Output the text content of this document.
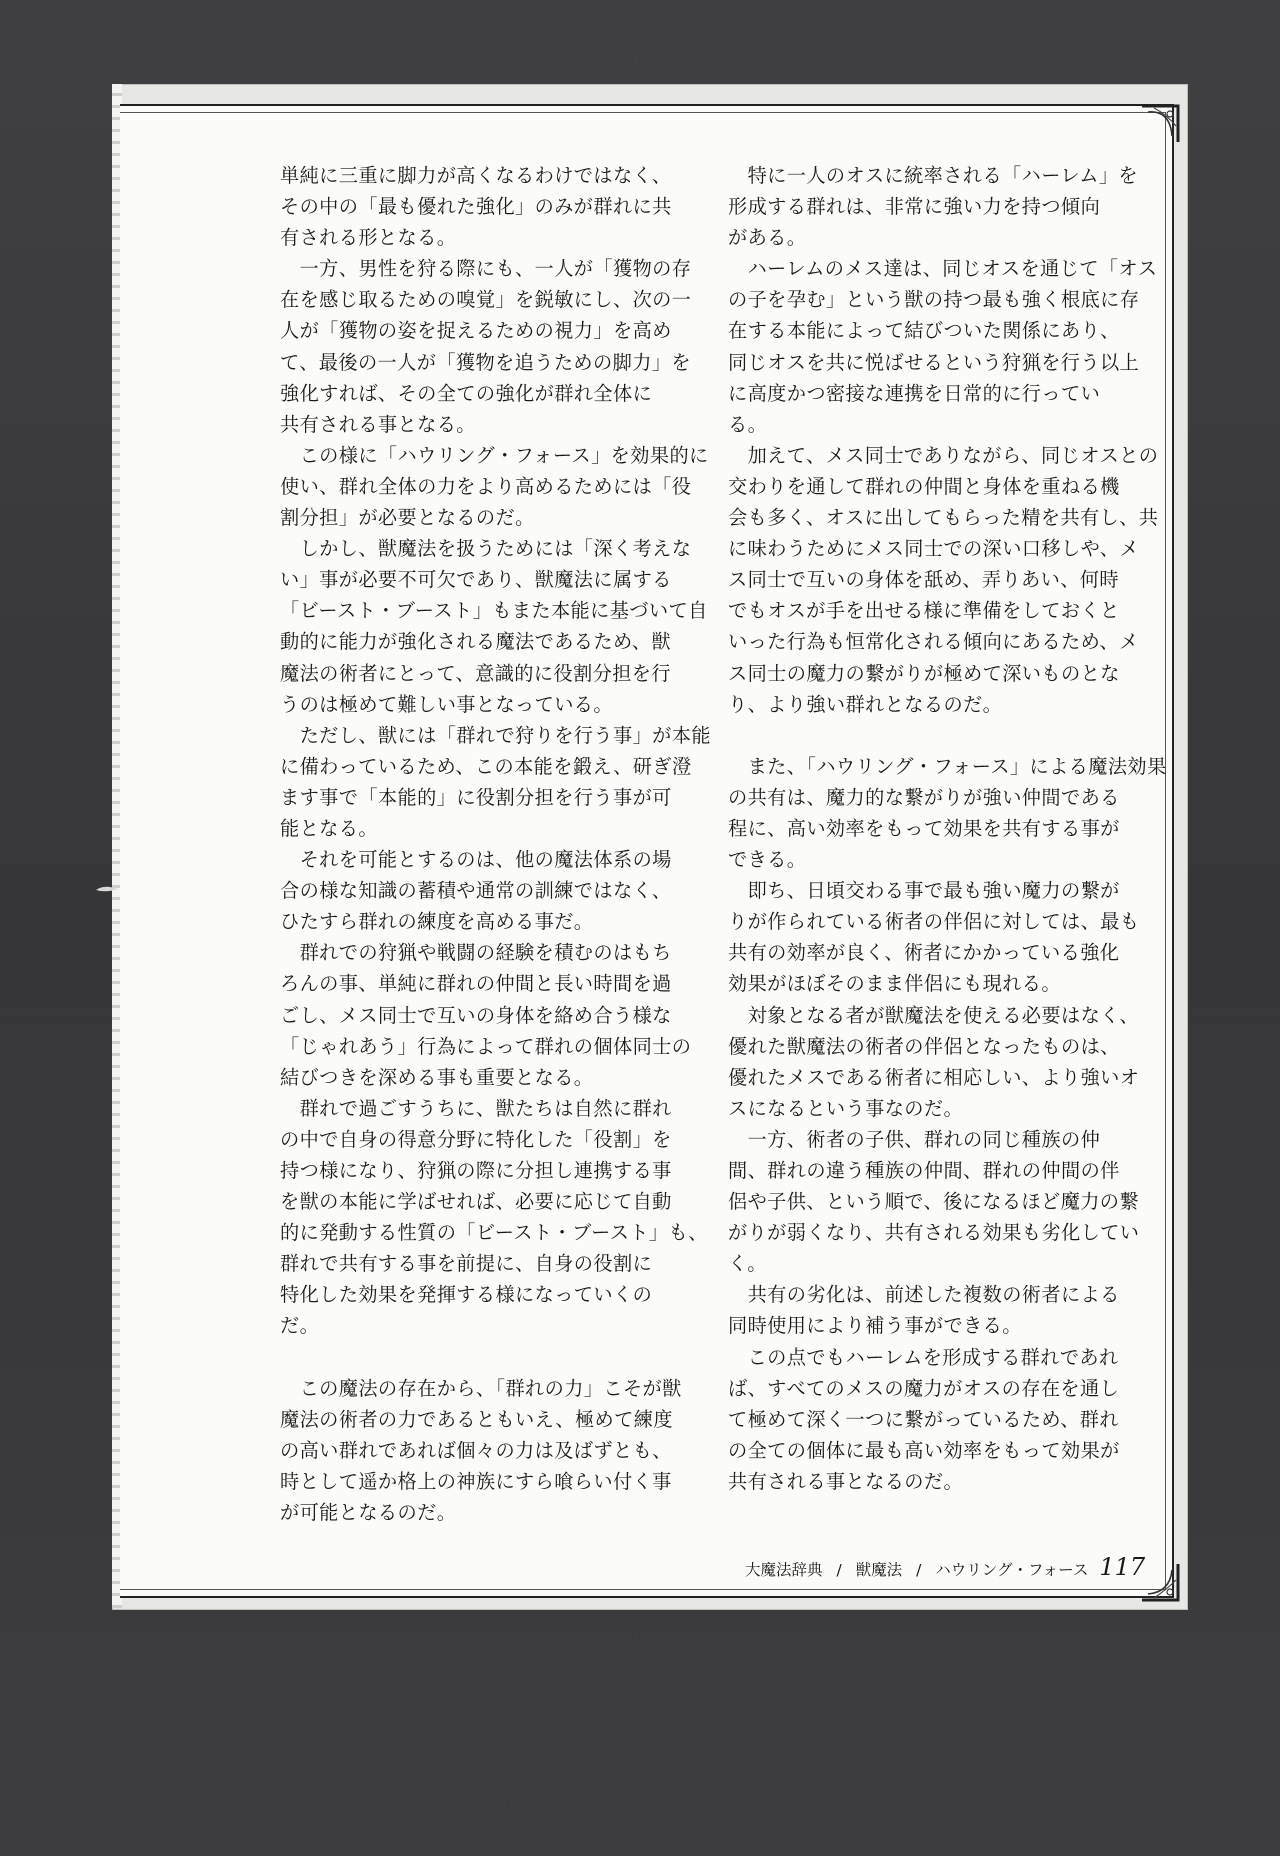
単純に三重に脚力が高くなるわけではなく、
その中の「最も優れた強化」のみが群れに共
有される形となる。
　一方、男性を狩る際にも、一人が「獲物の存
在を感じ取るための嗅覚」を鋭敏にし、次の一
人が「獲物の姿を捉えるための視力」を高め
て、最後の一人が「獲物を追うための脚力」を
強化すれば、その全ての強化が群れ全体に
共有される事となる。
　この様に「ハウリング・フォース」を効果的に
使い、群れ全体の力をより高めるためには「役
割分担」が必要となるのだ。
　しかし、獣魔法を扱うためには「深く考えな
い」事が必要不可欠であり、獣魔法に属する
「ビースト・ブースト」もまた本能に基づいて自
動的に能力が強化される魔法であるため、獣
魔法の術者にとって、意識的に役割分担を行
うのは極めて難しい事となっている。
　ただし、獣には「群れで狩りを行う事」が本能
に備わっているため、この本能を鍛え、研ぎ澄
ます事で「本能的」に役割分担を行う事が可
能となる。
　それを可能とするのは、他の魔法体系の場
合の様な知識の蓄積や通常の訓練ではなく、
ひたすら群れの練度を高める事だ。
　群れでの狩猟や戦闘の経験を積むのはもち
ろんの事、単純に群れの仲間と長い時間を過
ごし、メス同士で互いの身体を絡め合う様な
「じゃれあう」行為によって群れの個体同士の
結びつきを深める事も重要となる。
　群れで過ごすうちに、獣たちは自然に群れ
の中で自身の得意分野に特化した「役割」を
持つ様になり、狩猟の際に分担し連携する事
を獣の本能に学ばせれば、必要に応じて自動
的に発動する性質の「ビースト・ブースト」も、
群れで共有する事を前提に、自身の役割に
特化した効果を発揮する様になっていくの
だ。
　この魔法の存在から、「群れの力」こそが獣
魔法の術者の力であるともいえ、極めて練度
の高い群れであれば個々の力は及ばずとも、
時として遥か格上の神族にすら喰らい付く事
が可能となるのだ。
　特に一人のオスに統率される「ハーレム」を
形成する群れは、非常に強い力を持つ傾向
がある。
　ハーレムのメス達は、同じオスを通じて「オス
の子を孕む」という獣の持つ最も強く根底に存
在する本能によって結びついた関係にあり、
同じオスを共に悦ばせるという狩猟を行う以上
に高度かつ密接な連携を日常的に行ってい
る。
　加えて、メス同士でありながら、同じオスとの
交わりを通して群れの仲間と身体を重ねる機
会も多く、オスに出してもらった精を共有し、共
に味わうためにメス同士での深い口移しや、メ
ス同士で互いの身体を舐め、弄りあい、何時
でもオスが手を出せる様に準備をしておくと
いった行為も恒常化される傾向にあるため、メ
ス同士の魔力の繋がりが極めて深いものとな
り、より強い群れとなるのだ。
　また、「ハウリング・フォース」による魔法効果
の共有は、魔力的な繋がりが強い仲間である
程に、高い効率をもって効果を共有する事が
できる。
　即ち、日頃交わる事で最も強い魔力の繋が
りが作られている術者の伴侶に対しては、最も
共有の効率が良く、術者にかかっている強化
効果がほぼそのまま伴侶にも現れる。
　対象となる者が獣魔法を使える必要はなく、
優れた獣魔法の術者の伴侶となったものは、
優れたメスである術者に相応しい、より強いオ
スになるという事なのだ。
　一方、術者の子供、群れの同じ種族の仲
間、群れの違う種族の仲間、群れの仲間の伴
侶や子供、という順で、後になるほど魔力の繋
がりが弱くなり、共有される効果も劣化してい
く。
　共有の劣化は、前述した複数の術者による
同時使用により補う事ができる。
　この点でもハーレムを形成する群れであれ
ば、すべてのメスの魔力がオスの存在を通し
て極めて深く一つに繋がっているため、群れ
の全ての個体に最も高い効率をもって効果が
共有される事となるのだ。
大魔法辞典 / 獣魔法 / ハウリング・フォース 117
